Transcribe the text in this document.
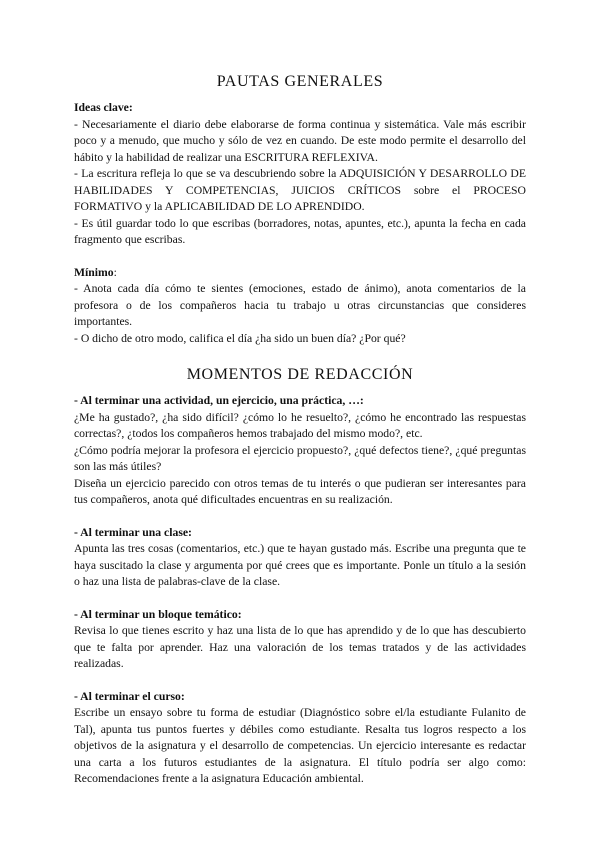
PAUTAS GENERALES
Ideas clave:

- Necesariamente el diario debe elaborarse de forma continua y sistemática. Vale más escribir poco y a menudo, que mucho y sólo de vez en cuando. De este modo permite el desarrollo del hábito y la habilidad de realizar una ESCRITURA REFLEXIVA.

- La escritura refleja lo que se va descubriendo sobre la ADQUISICIÓN Y DESARROLLO DE HABILIDADES Y COMPETENCIAS, JUICIOS CRÍTICOS sobre el PROCESO FORMATIVO y la APLICABILIDAD DE LO APRENDIDO.

- Es útil guardar todo lo que escribas (borradores, notas, apuntes, etc.), apunta la fecha en cada fragmento que escribas.

Mínimo:

- Anota cada día cómo te sientes (emociones, estado de ánimo), anota comentarios de la profesora o de los compañeros hacia tu trabajo u otras circunstancias que consideres importantes.

- O dicho de otro modo, califica el día ¿ha sido un buen día? ¿Por qué?

MOMENTOS DE REDACCIÓN
- Al terminar una actividad, un ejercicio, una práctica, …:

¿Me ha gustado?, ¿ha sido difícil? ¿cómo lo he resuelto?, ¿cómo he encontrado las respuestas correctas?, ¿todos los compañeros hemos trabajado del mismo modo?, etc.

¿Cómo podría mejorar la profesora el ejercicio propuesto?, ¿qué defectos tiene?, ¿qué preguntas son las más útiles?

Diseña un ejercicio parecido con otros temas de tu interés o que pudieran ser interesantes para tus compañeros, anota qué dificultades encuentras en su realización.

- Al terminar una clase:

Apunta las tres cosas (comentarios, etc.) que te hayan gustado más. Escribe una pregunta que te haya suscitado la clase y argumenta por qué crees que es importante. Ponle un título a la sesión o haz una lista de palabras-clave de la clase.

- Al terminar un bloque temático:

Revisa lo que tienes escrito y haz una lista de lo que has aprendido y de lo que has descubierto que te falta por aprender. Haz una valoración de los temas tratados y de las actividades realizadas.

- Al terminar el curso:

Escribe un ensayo sobre tu forma de estudiar (Diagnóstico sobre el/la estudiante Fulanito de Tal), apunta tus puntos fuertes y débiles como estudiante. Resalta tus logros respecto a los objetivos de la asignatura y el desarrollo de competencias. Un ejercicio interesante es redactar una carta a los futuros estudiantes de la asignatura. El título podría ser algo como: Recomendaciones frente a la asignatura Educación ambiental.
